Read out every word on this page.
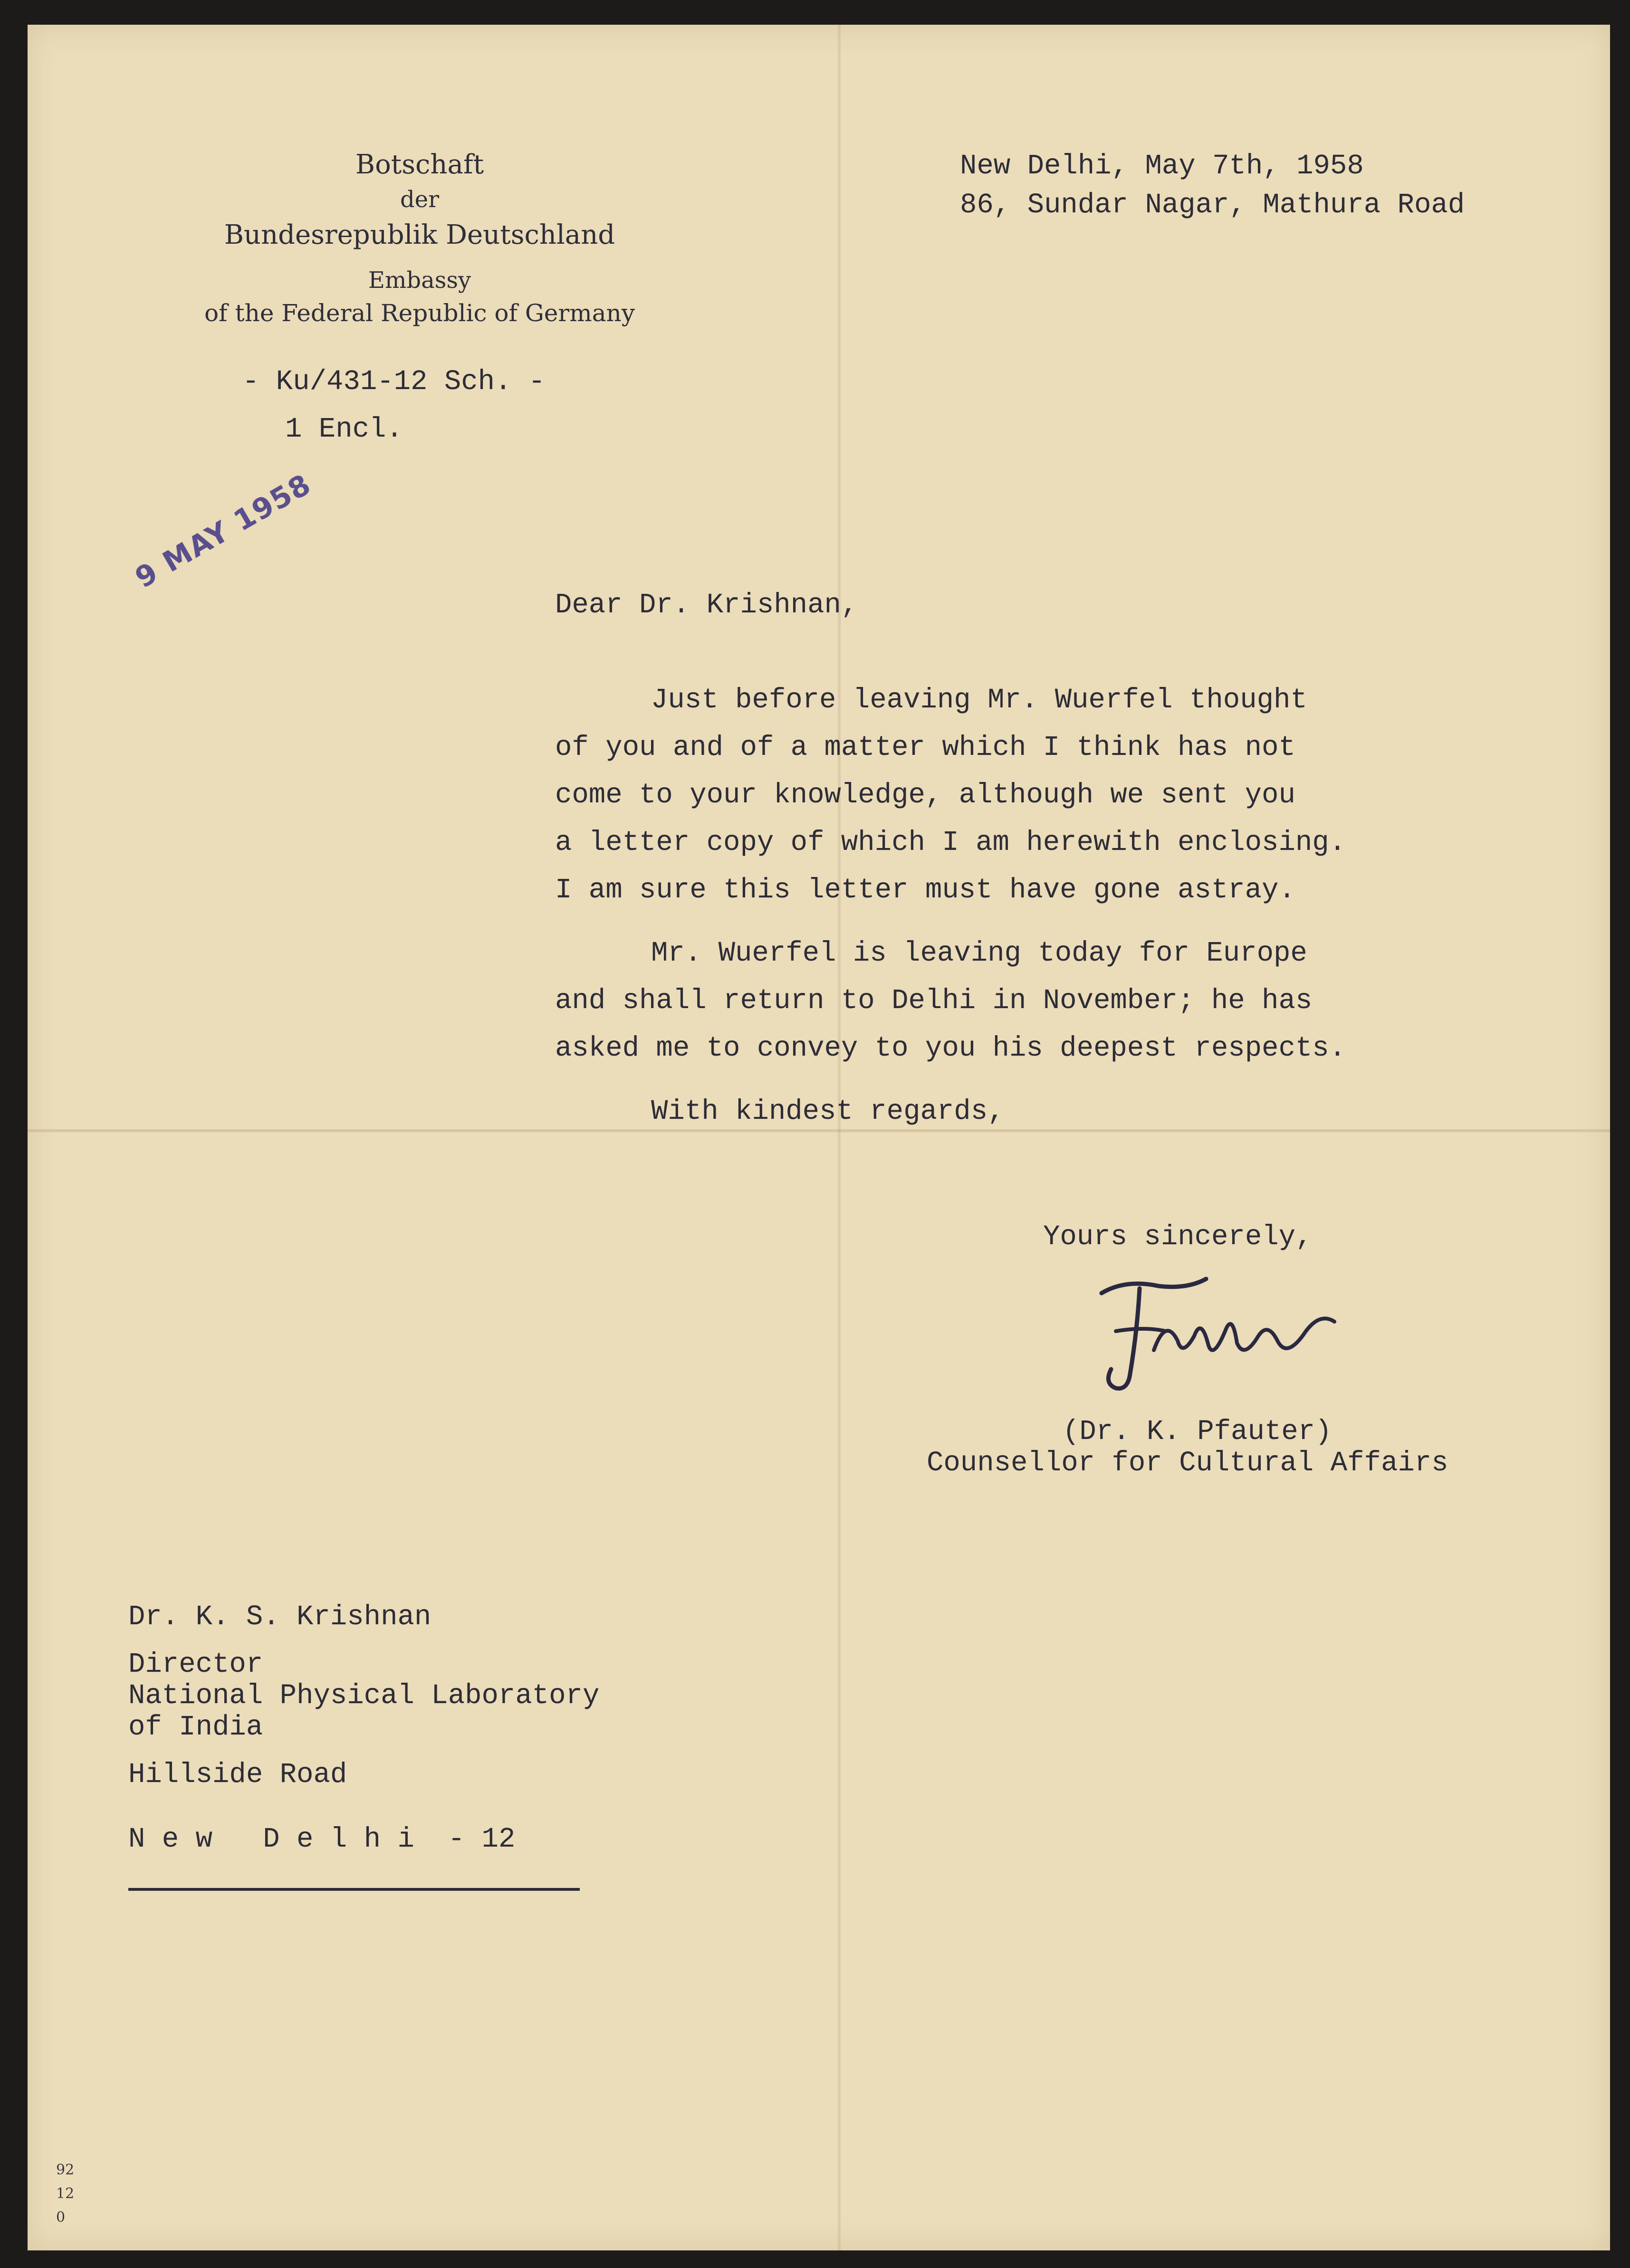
Botschaft
der
Bundesrepublik Deutschland
Embassy
of the Federal Republic of Germany
- Ku/431-12 Sch. -
1 Encl.
New Delhi, May 7th, 1958
86, Sundar Nagar, Mathura Road
9 MAY 1958
Dear Dr. Krishnan,
Just before leaving Mr. Wuerfel thought
of you and of a matter which I think has not
come to your knowledge, although we sent you
a letter copy of which I am herewith enclosing.
I am sure this letter must have gone astray.
Mr. Wuerfel is leaving today for Europe
and shall return to Delhi in November; he has
asked me to convey to you his deepest respects.
With kindest regards,
Yours sincerely,
(Dr. K. Pfauter)
Counsellor for Cultural Affairs
Dr. K. S. Krishnan
Director
National Physical Laboratory
of India
Hillside Road
N e w   D e l h i  - 12
92
12
0
